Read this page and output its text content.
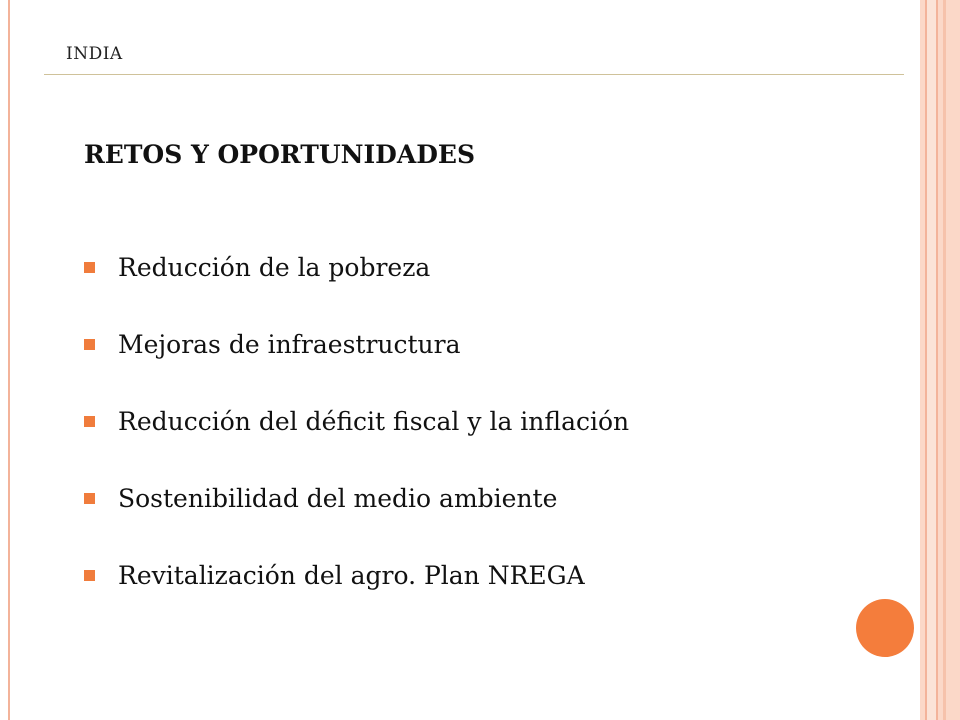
INDIA
RETOS Y OPORTUNIDADES
Reducción de la pobreza
Mejoras de infraestructura
Reducción del déficit fiscal y la inflación
Sostenibilidad del medio ambiente
Revitalización del agro. Plan NREGA
